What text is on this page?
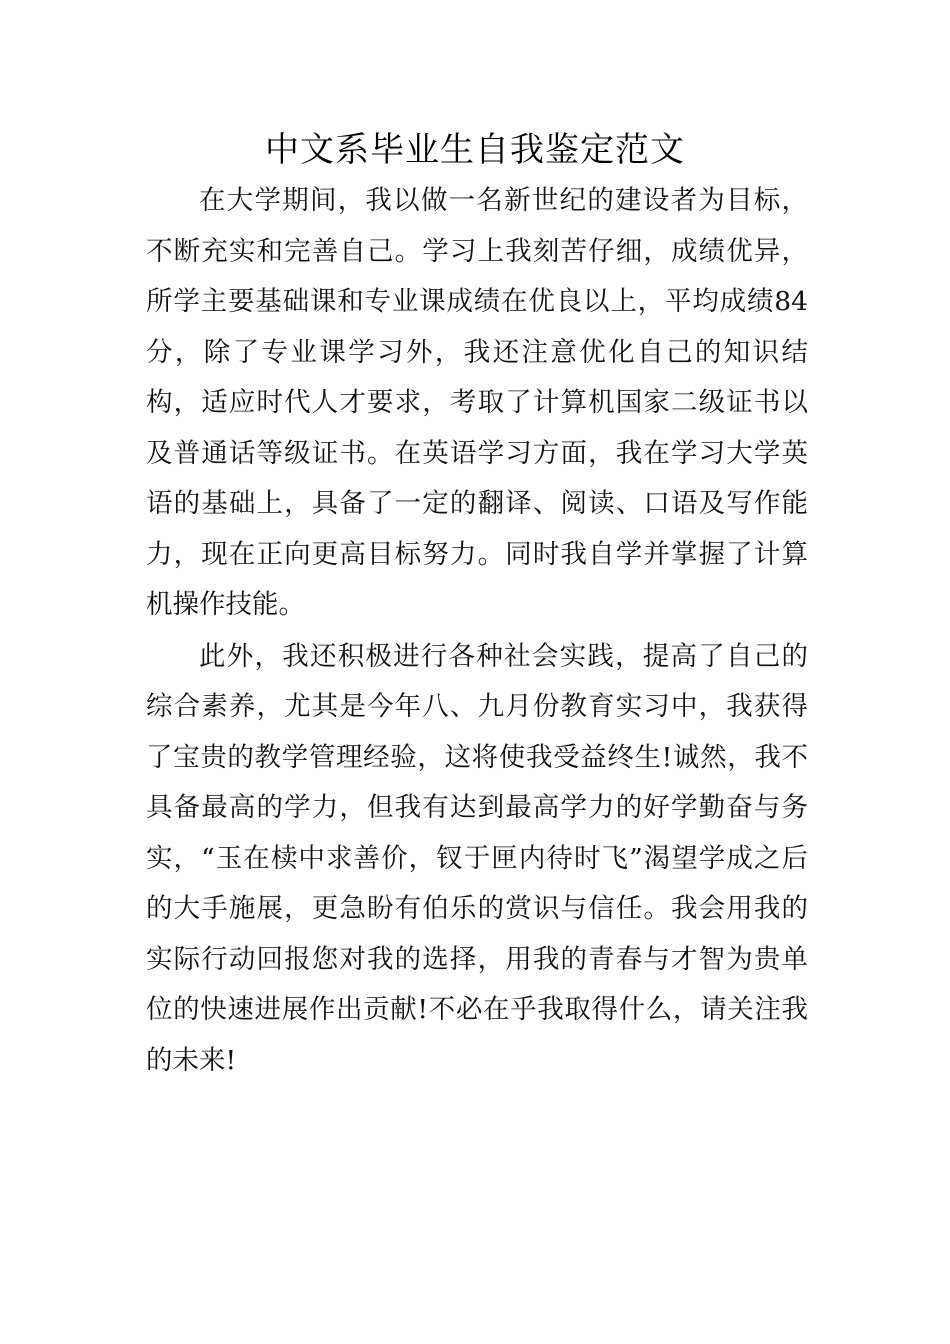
中文系毕业生自我鉴定范文

在大学期间，我以做一名新世纪的建设者为目标，不断充实和完善自己。学习上我刻苦仔细，成绩优异，所学主要基础课和专业课成绩在优良以上，平均成绩84分，除了专业课学习外，我还注意优化自己的知识结构，适应时代人才要求，考取了计算机国家二级证书以及普通话等级证书。在英语学习方面，我在学习大学英语的基础上，具备了一定的翻译、阅读、口语及写作能力，现在正向更高目标努力。同时我自学并掌握了计算机操作技能。

此外，我还积极进行各种社会实践，提高了自己的综合素养，尤其是今年八、九月份教育实习中，我获得了宝贵的教学管理经验，这将使我受益终生!诚然，我不具备最高的学力，但我有达到最高学力的好学勤奋与务实，“玉在椟中求善价，钗于匣内待时飞”渴望学成之后的大手施展，更急盼有伯乐的赏识与信任。我会用我的实际行动回报您对我的选择，用我的青春与才智为贵单位的快速进展作出贡献!不必在乎我取得什么，请关注我的未来!
